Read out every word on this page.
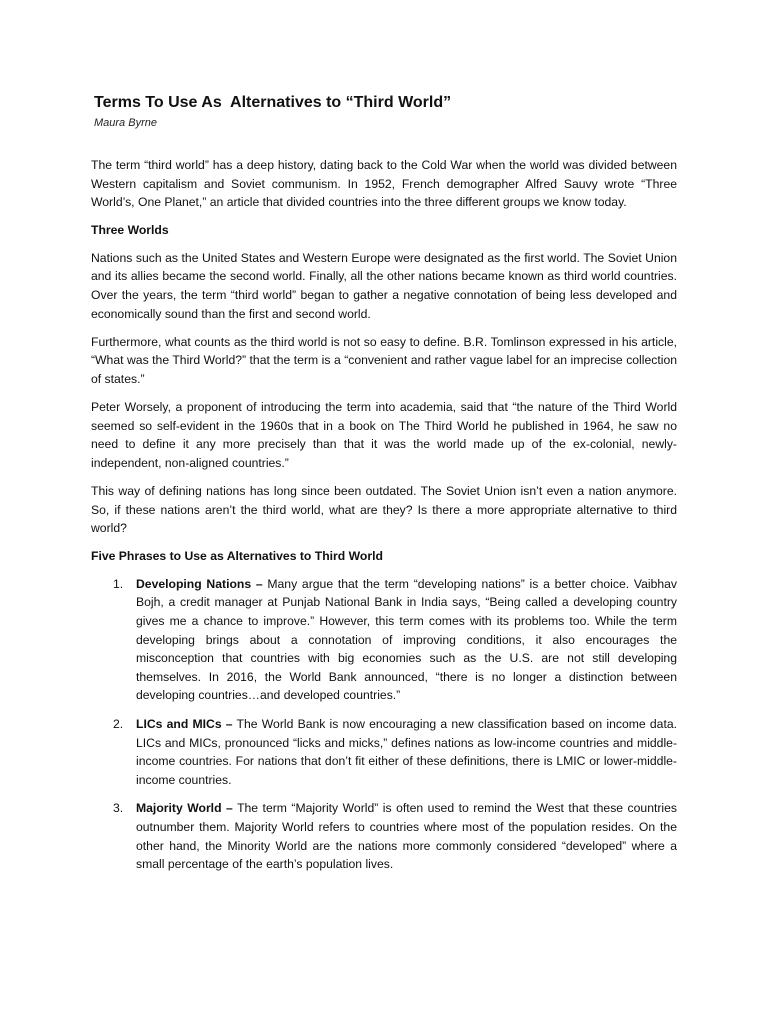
Terms To Use As  Alternatives to “Third World”
Maura Byrne

The term “third world” has a deep history, dating back to the Cold War when the world was divided between Western capitalism and Soviet communism. In 1952, French demographer Alfred Sauvy wrote “Three World’s, One Planet,” an article that divided countries into the three different groups we know today.

Three Worlds

Nations such as the United States and Western Europe were designated as the first world. The Soviet Union and its allies became the second world. Finally, all the other nations became known as third world countries. Over the years, the term “third world” began to gather a negative connotation of being less developed and economically sound than the first and second world.

Furthermore, what counts as the third world is not so easy to define. B.R. Tomlinson expressed in his article, “What was the Third World?” that the term is a “convenient and rather vague label for an imprecise collection of states.”

Peter Worsely, a proponent of introducing the term into academia, said that “the nature of the Third World seemed so self-evident in the 1960s that in a book on The Third World he published in 1964, he saw no need to define it any more precisely than that it was the world made up of the ex-colonial, newly-independent, non-aligned countries.”

This way of defining nations has long since been outdated. The Soviet Union isn’t even a nation anymore. So, if these nations aren’t the third world, what are they? Is there a more appropriate alternative to third world?

Five Phrases to Use as Alternatives to Third World
1. Developing Nations – Many argue that the term “developing nations” is a better choice. Vaibhav Bojh, a credit manager at Punjab National Bank in India says, “Being called a developing country gives me a chance to improve.” However, this term comes with its problems too. While the term developing brings about a connotation of improving conditions, it also encourages the misconception that countries with big economies such as the U.S. are not still developing themselves. In 2016, the World Bank announced, “there is no longer a distinction between developing countries…and developed countries.”
2. LICs and MICs – The World Bank is now encouraging a new classification based on income data. LICs and MICs, pronounced “licks and micks,” defines nations as low-income countries and middle-income countries. For nations that don’t fit either of these definitions, there is LMIC or lower-middle-income countries.
3. Majority World – The term “Majority World” is often used to remind the West that these countries outnumber them. Majority World refers to countries where most of the population resides. On the other hand, the Minority World are the nations more commonly considered “developed” where a small percentage of the earth’s population lives.
